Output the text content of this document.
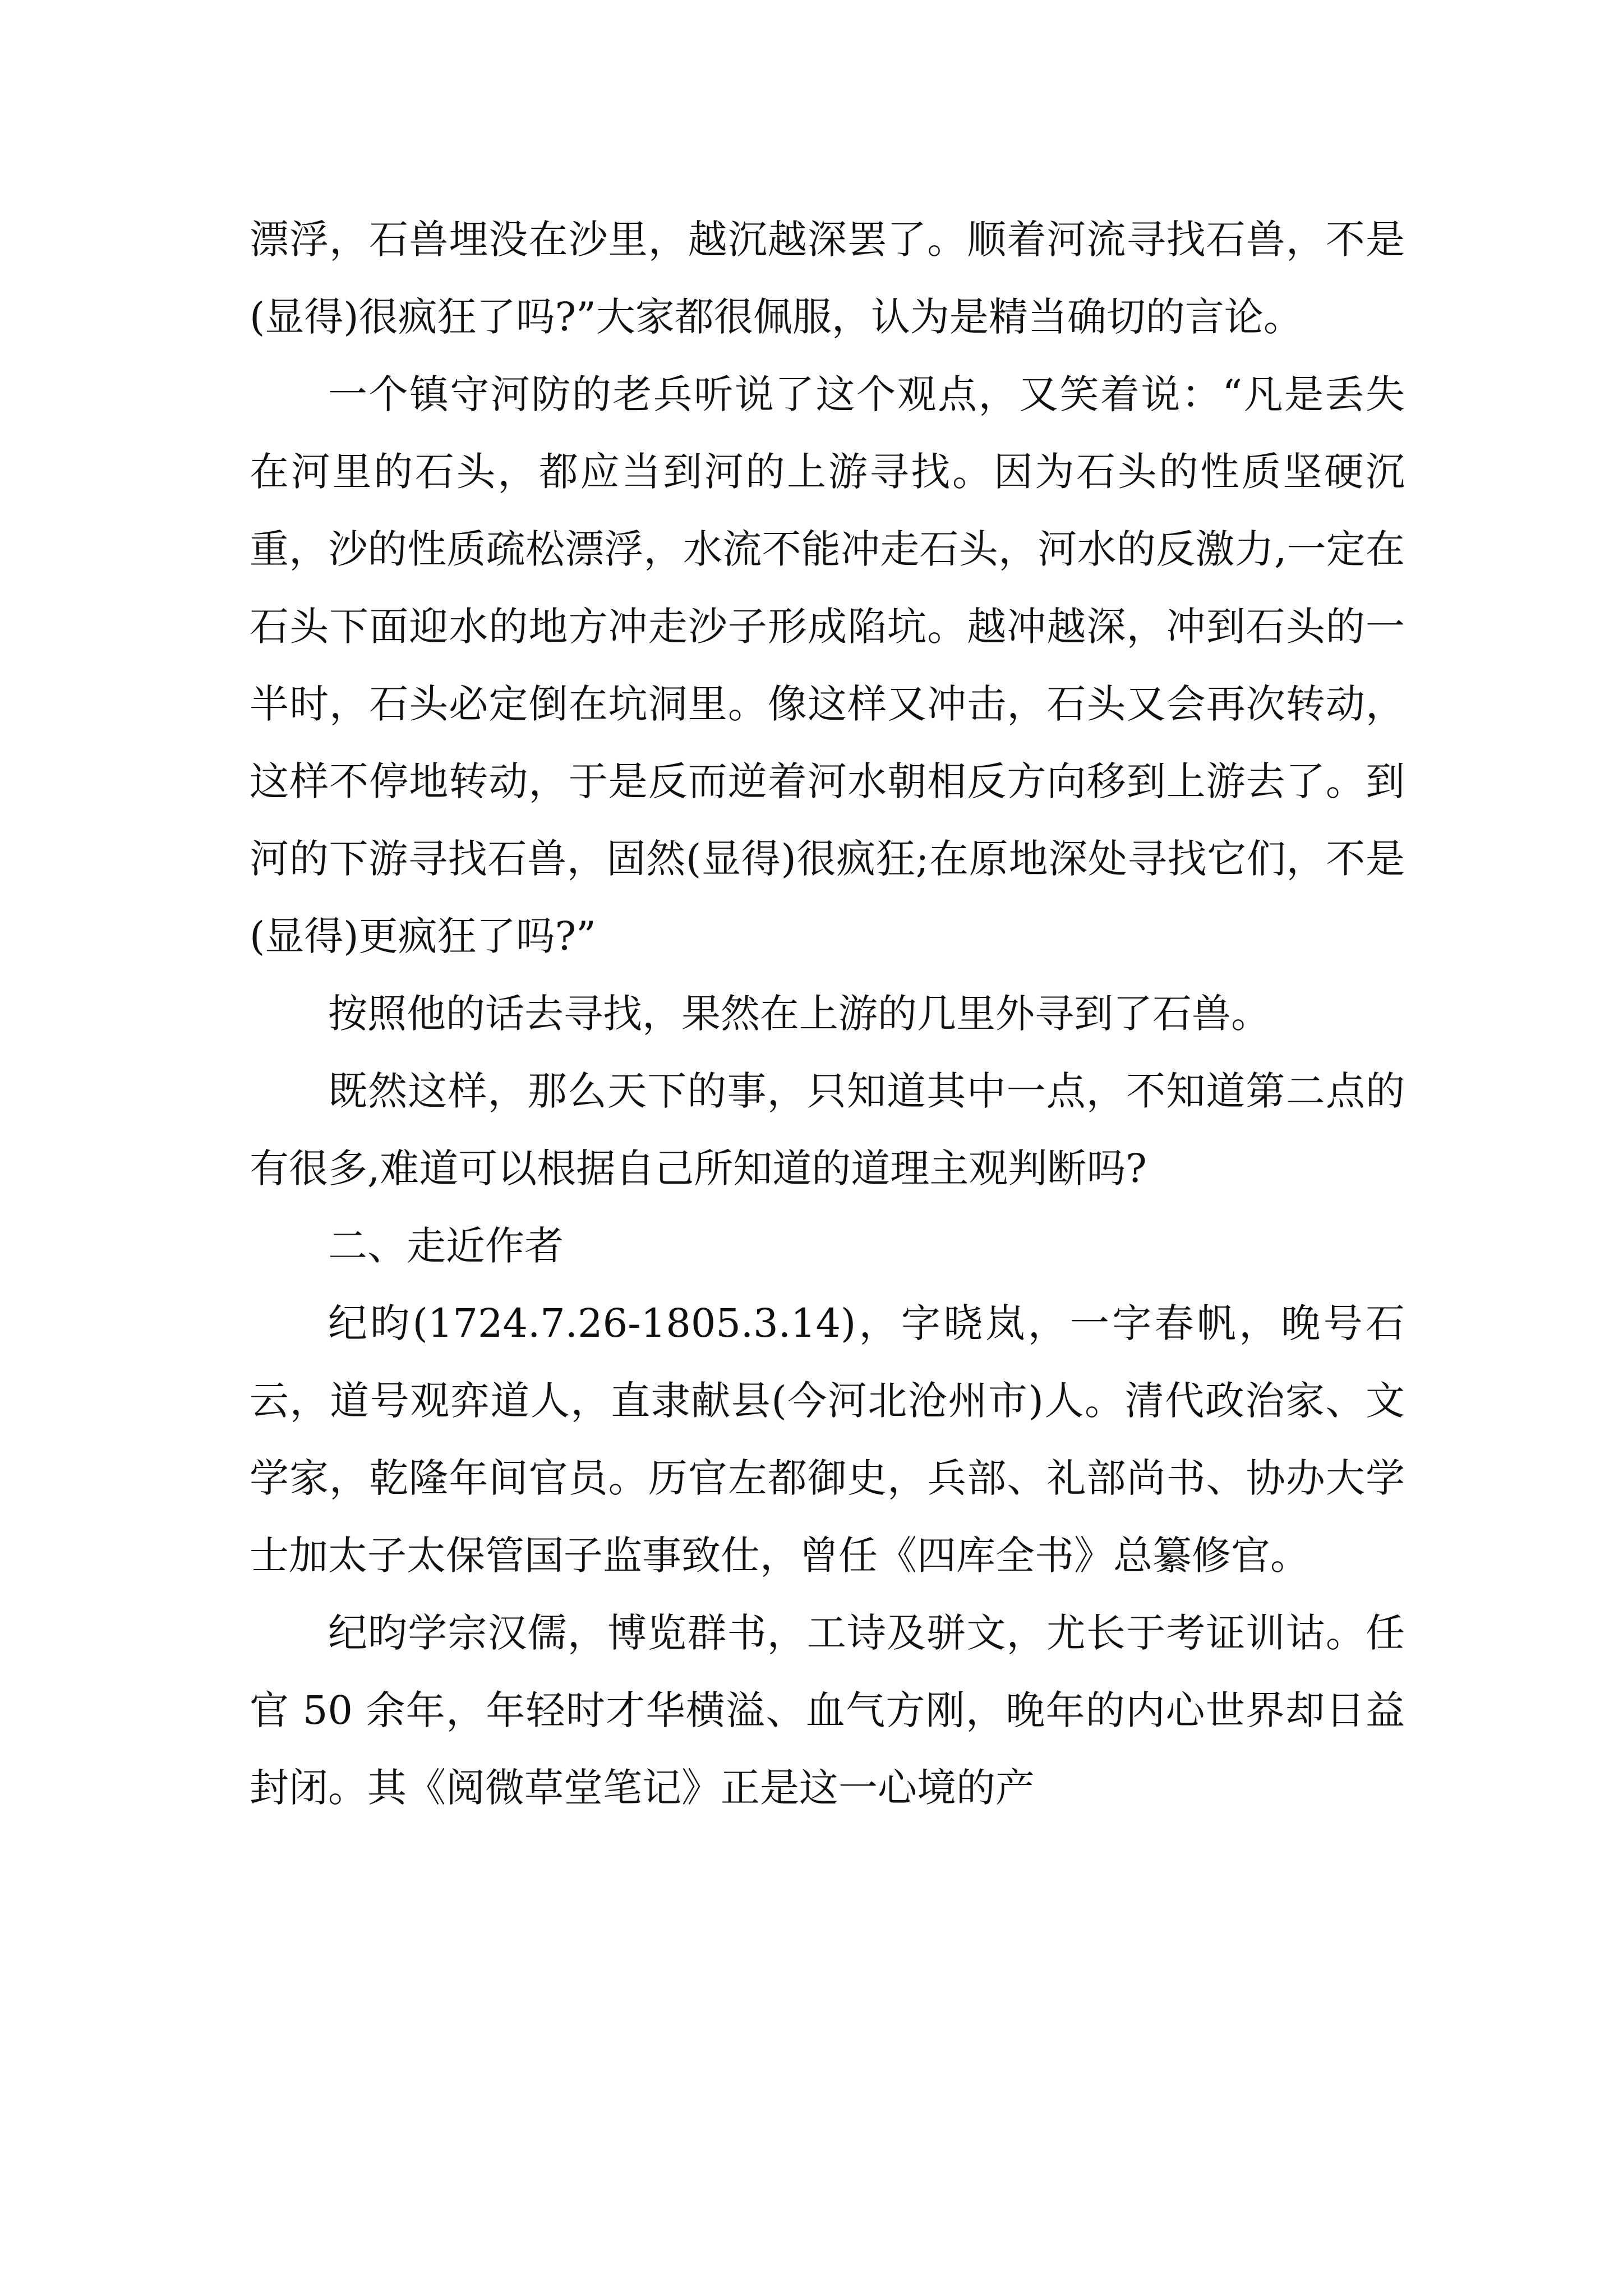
漂浮，石兽埋没在沙里，越沉越深罢了。顺着河流寻找石兽，不是(显得)很疯狂了吗?”大家都很佩服，认为是精当确切的言论。

一个镇守河防的老兵听说了这个观点，又笑着说：“凡是丢失在河里的石头，都应当到河的上游寻找。因为石头的性质坚硬沉重，沙的性质疏松漂浮，水流不能冲走石头，河水的反激力,一定在石头下面迎水的地方冲走沙子形成陷坑。越冲越深，冲到石头的一半时，石头必定倒在坑洞里。像这样又冲击，石头又会再次转动，这样不停地转动，于是反而逆着河水朝相反方向移到上游去了。到河的下游寻找石兽，固然(显得)很疯狂;在原地深处寻找它们，不是(显得)更疯狂了吗?”

按照他的话去寻找，果然在上游的几里外寻到了石兽。

既然这样，那么天下的事，只知道其中一点，不知道第二点的有很多,难道可以根据自己所知道的道理主观判断吗?

二、走近作者

纪昀(1724.7.26-1805.3.14)，字晓岚，一字春帆，晚号石云，道号观弈道人，直隶献县(今河北沧州市)人。清代政治家、文学家，乾隆年间官员。历官左都御史，兵部、礼部尚书、协办大学士加太子太保管国子监事致仕，曾任《四库全书》总纂修官。

纪昀学宗汉儒，博览群书，工诗及骈文，尤长于考证训诂。任官 50 余年，年轻时才华横溢、血气方刚，晚年的内心世界却日益封闭。其《阅微草堂笔记》正是这一心境的产
